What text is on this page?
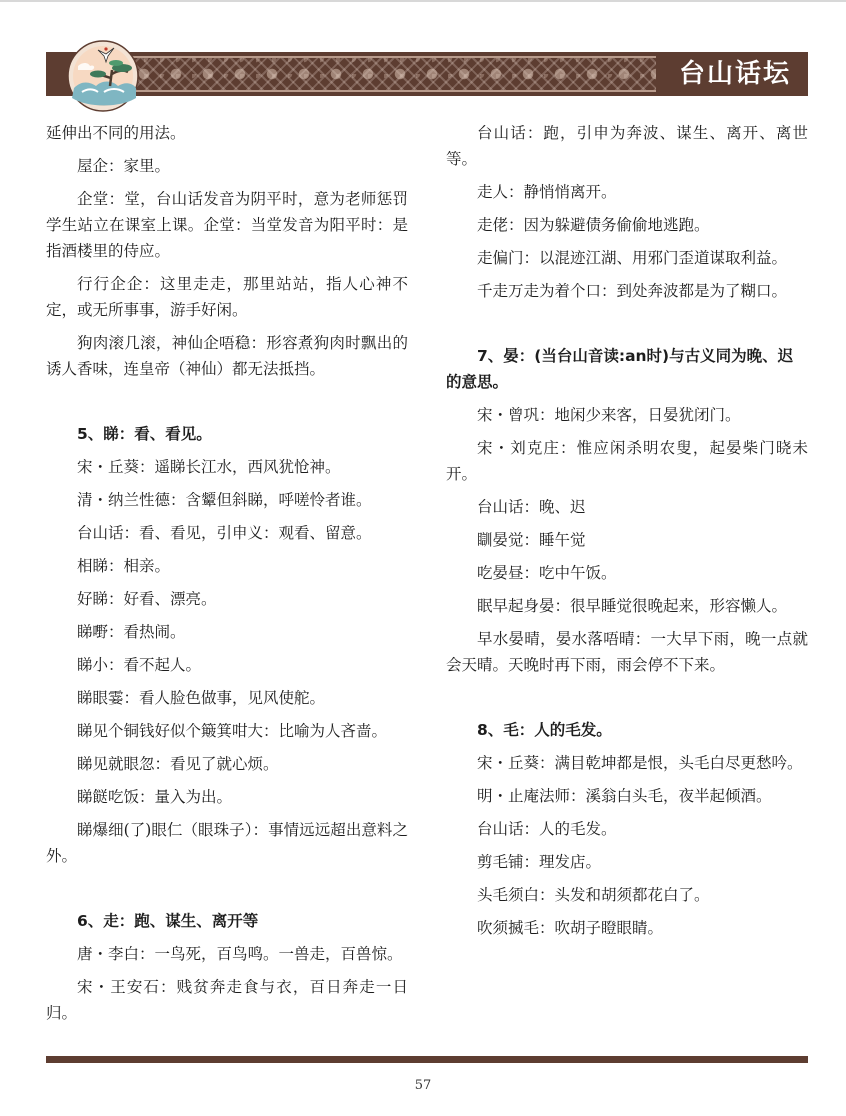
台山话坛

延伸出不同的用法。

屋企：家里。

企堂：堂，台山话发音为阴平时，意为老师惩罚学生站立在课室上课。企堂：当堂发音为阳平时：是指酒楼里的侍应。

行行企企：这里走走，那里站站，指人心神不定，或无所事事，游手好闲。

狗肉滚几滚，神仙企唔稳：形容煮狗肉时飘出的诱人香味，连皇帝（神仙）都无法抵挡。

5、睇：看、看见。

宋・丘葵：遥睇长江水，西风犹怆神。

清・纳兰性德：含颦但斜睇，呼嗟怜者谁。

台山话：看、看见，引申义：观看、留意。

相睇：相亲。

好睇：好看、漂亮。

睇嘢：看热闹。

睇小：看不起人。

睇眼霎：看人脸色做事，见风使舵。

睇见个铜钱好似个簸箕咁大：比喻为人吝啬。

睇见就眼忽：看见了就心烦。

睇餸吃饭：量入为出。

睇爆细(了)眼仁（眼珠子）：事情远远超出意料之外。

6、走：跑、谋生、离开等

唐・李白：一鸟死，百鸟鸣。一兽走，百兽惊。

宋・王安石：贱贫奔走食与衣，百日奔走一日归。

台山话：跑，引申为奔波、谋生、离开、离世等。

走人：静悄悄离开。

走佬：因为躲避债务偷偷地逃跑。

走偏门：以混迹江湖、用邪门歪道谋取利益。

千走万走为着个口：到处奔波都是为了糊口。

7、晏：(当台山音读:an时)与古义同为晚、迟的意思。

宋・曾巩：地闲少来客，日晏犹闭门。

宋・刘克庄：惟应闲杀明农叟，起晏柴门晓未开。

台山话：晚、迟

瞓晏觉：睡午觉

吃晏昼：吃中午饭。

眠早起身晏：很早睡觉很晚起来，形容懒人。

早水晏晴，晏水落唔晴：一大早下雨，晚一点就会天晴。天晚时再下雨，雨会停不下来。

8、毛：人的毛发。

宋・丘葵：满目乾坤都是恨，头毛白尽更愁吟。

明・止庵法师：溪翁白头毛，夜半起倾酒。

台山话：人的毛发。

剪毛铺：理发店。

头毛须白：头发和胡须都花白了。

吹须搣毛：吹胡子瞪眼睛。

57
